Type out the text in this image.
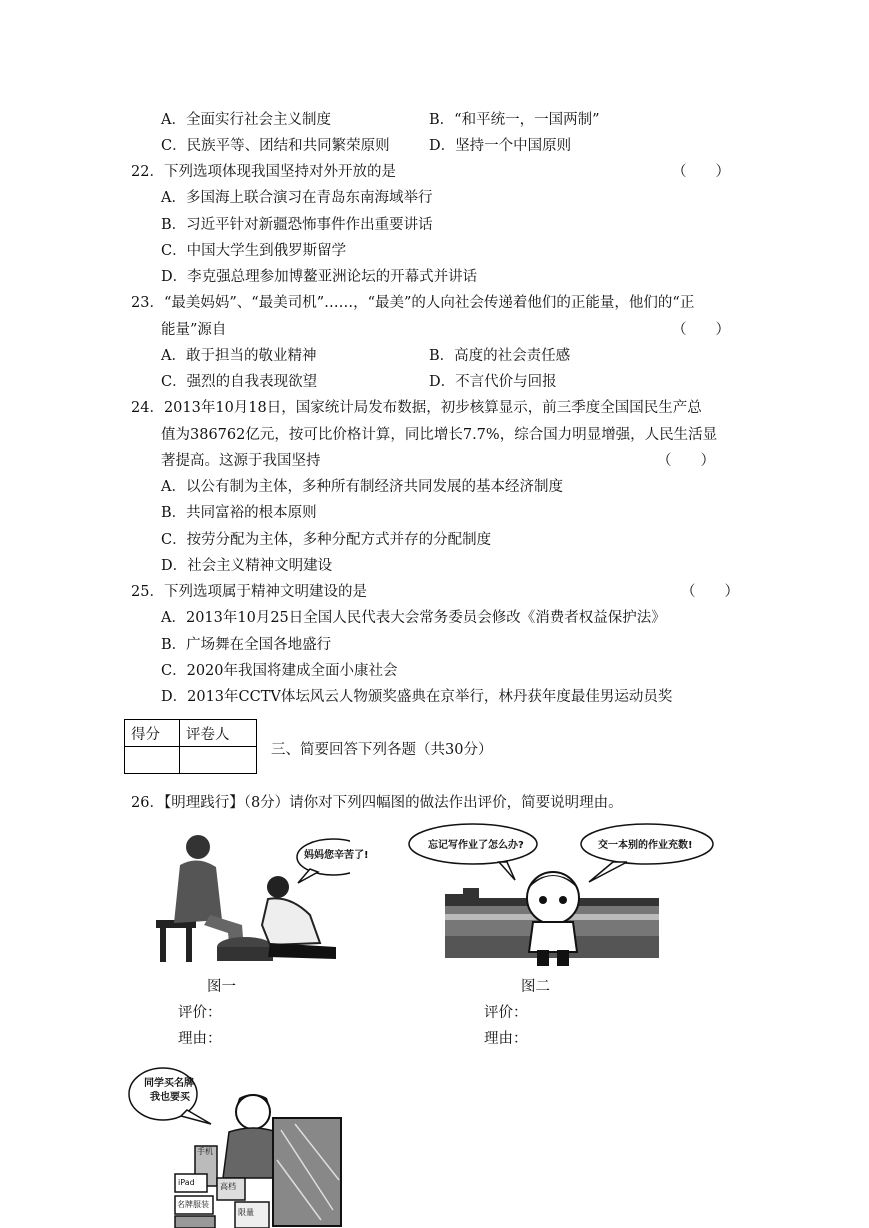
A．全面实行社会主义制度	B．“和平统一，一国两制”
C．民族平等、团结和共同繁荣原则	D．坚持一个中国原则
22．下列选项体现我国坚持对外开放的是	（　　）
A．多国海上联合演习在青岛东南海域举行
B．习近平针对新疆恐怖事件作出重要讲话
C．中国大学生到俄罗斯留学
D．李克强总理参加博鳌亚洲论坛的开幕式并讲话
23．“最美妈妈”、“最美司机”……，“最美”的人向社会传递着他们的正能量，他们的“正
能量”源自	（　　）
A．敢于担当的敬业精神	B．高度的社会责任感
C．强烈的自我表现欲望	D．不言代价与回报
24．2013年10月18日，国家统计局发布数据，初步核算显示，前三季度全国国民生产总
值为386762亿元，按可比价格计算，同比增长7.7%，综合国力明显增强，人民生活显
著提高。这源于我国坚持	（　　）
A．以公有制为主体，多种所有制经济共同发展的基本经济制度
B．共同富裕的根本原则
C．按劳分配为主体，多种分配方式并存的分配制度
D．社会主义精神文明建设
25．下列选项属于精神文明建设的是	（　　）
A．2013年10月25日全国人民代表大会常务委员会修改《消费者权益保护法》
B．广场舞在全国各地盛行
C．2020年我国将建成全面小康社会
D．2013年CCTV体坛风云人物颁奖盛典在京举行，林丹获年度最佳男运动员奖
得分	评卷人

三、简要回答下列各题（共30分）
26．【明理践行】（8分）请你对下列四幅图的做法作出评价，简要说明理由。
妈妈您辛苦了!
忘记写作业了怎么办?	交一本别的作业充数!
图一	图二
评价：	评价：
理由：	理由：
同学买名牌
我也要买
手机
iPad	高档
名牌服装
限量
